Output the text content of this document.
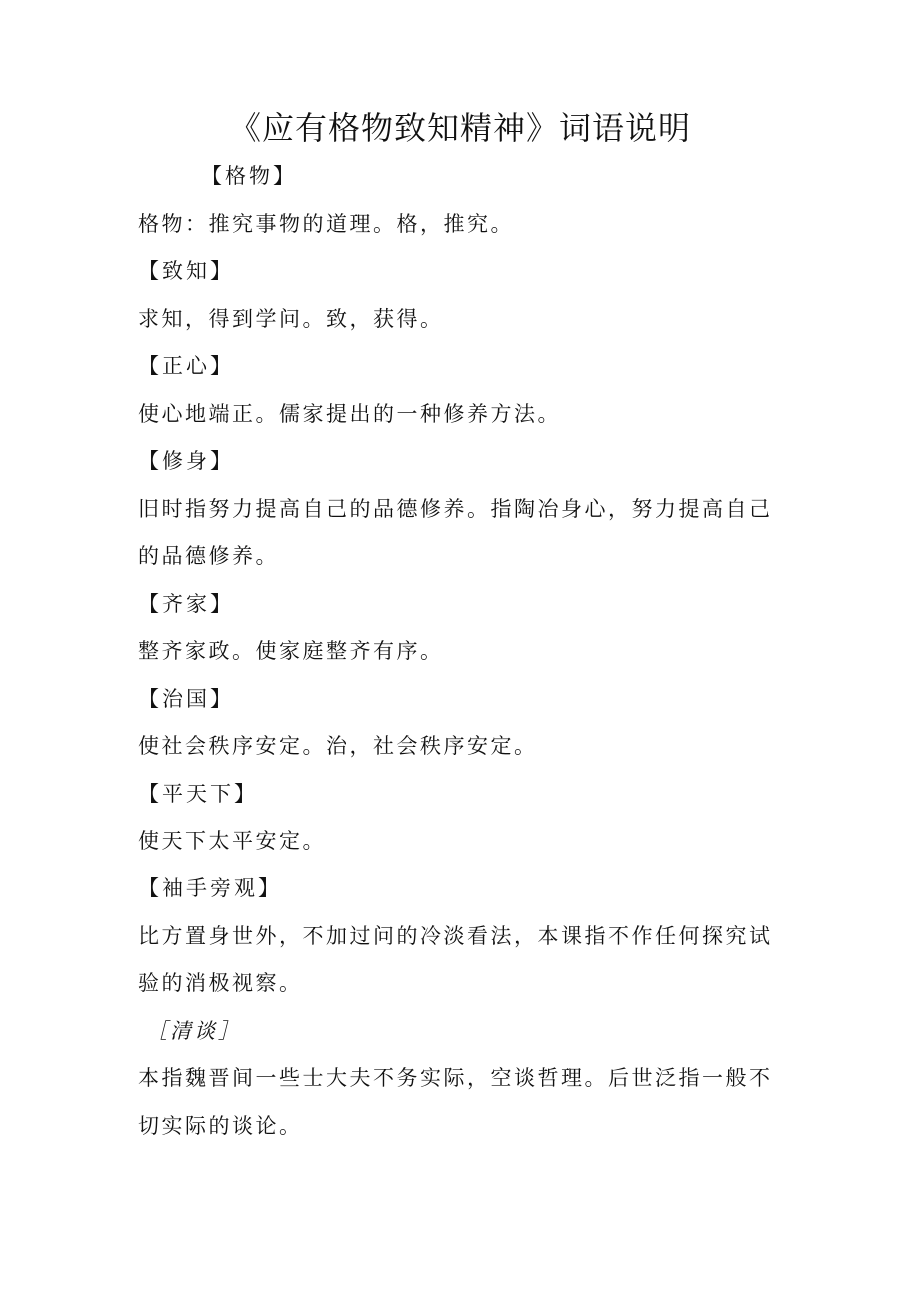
《应有格物致知精神》词语说明
【格物】
格物：推究事物的道理。格，推究。
【致知】
求知，得到学问。致，获得。
【正心】
使心地端正。儒家提出的一种修养方法。
【修身】
旧时指努力提高自己的品德修养。指陶冶身心，努力提高自己
的品德修养。
【齐家】
整齐家政。使家庭整齐有序。
【治国】
使社会秩序安定。治，社会秩序安定。
【平天下】
使天下太平安定。
【袖手旁观】
比方置身世外，不加过问的冷淡看法，本课指不作任何探究试
验的消极视察。
［清谈］
本指魏晋间一些士大夫不务实际，空谈哲理。后世泛指一般不
切实际的谈论。
